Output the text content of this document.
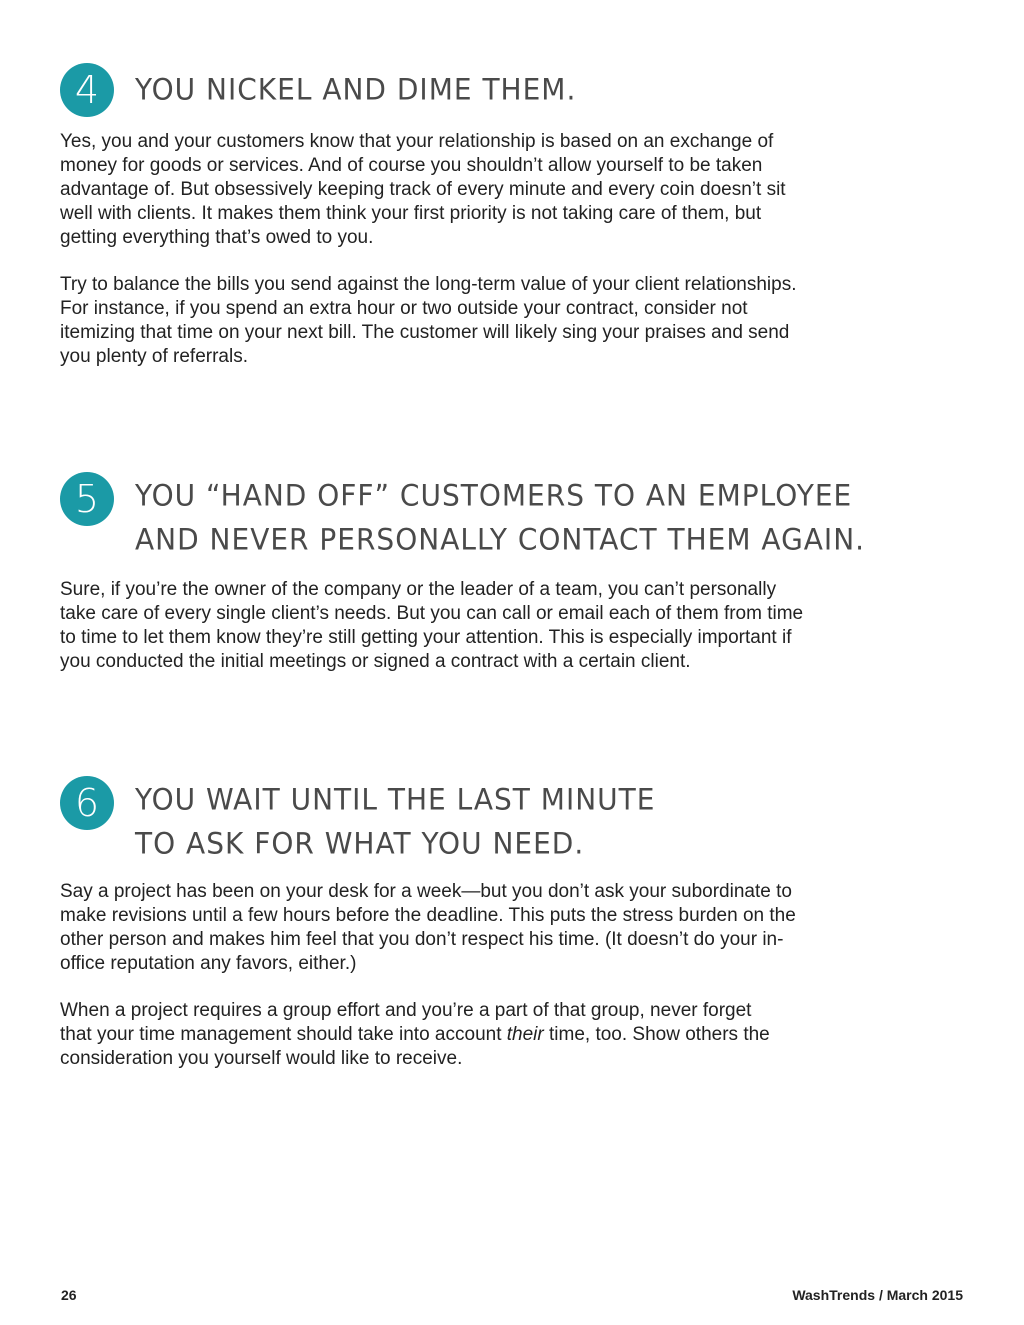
4	YOU NICKEL AND DIME THEM.
Yes, you and your customers know that your relationship is based on an exchange of
money for goods or services. And of course you shouldn’t allow yourself to be taken
advantage of. But obsessively keeping track of every minute and every coin doesn’t sit
well with clients. It makes them think your first priority is not taking care of them, but
getting everything that’s owed to you.
Try to balance the bills you send against the long-term value of your client relationships.
For instance, if you spend an extra hour or two outside your contract, consider not
itemizing that time on your next bill. The customer will likely sing your praises and send
you plenty of referrals.
5	YOU “HAND OFF” CUSTOMERS TO AN EMPLOYEE
AND NEVER PERSONALLY CONTACT THEM AGAIN.
Sure, if you’re the owner of the company or the leader of a team, you can’t personally
take care of every single client’s needs. But you can call or email each of them from time
to time to let them know they’re still getting your attention. This is especially important if
you conducted the initial meetings or signed a contract with a certain client.
6	YOU WAIT UNTIL THE LAST MINUTE
TO ASK FOR WHAT YOU NEED.
Say a project has been on your desk for a week—but you don’t ask your subordinate to
make revisions until a few hours before the deadline. This puts the stress burden on the
other person and makes him feel that you don’t respect his time. (It doesn’t do your in-
office reputation any favors, either.)
When a project requires a group effort and you’re a part of that group, never forget
that your time management should take into account their time, too. Show others the
consideration you yourself would like to receive.
26	WashTrends / March 2015
